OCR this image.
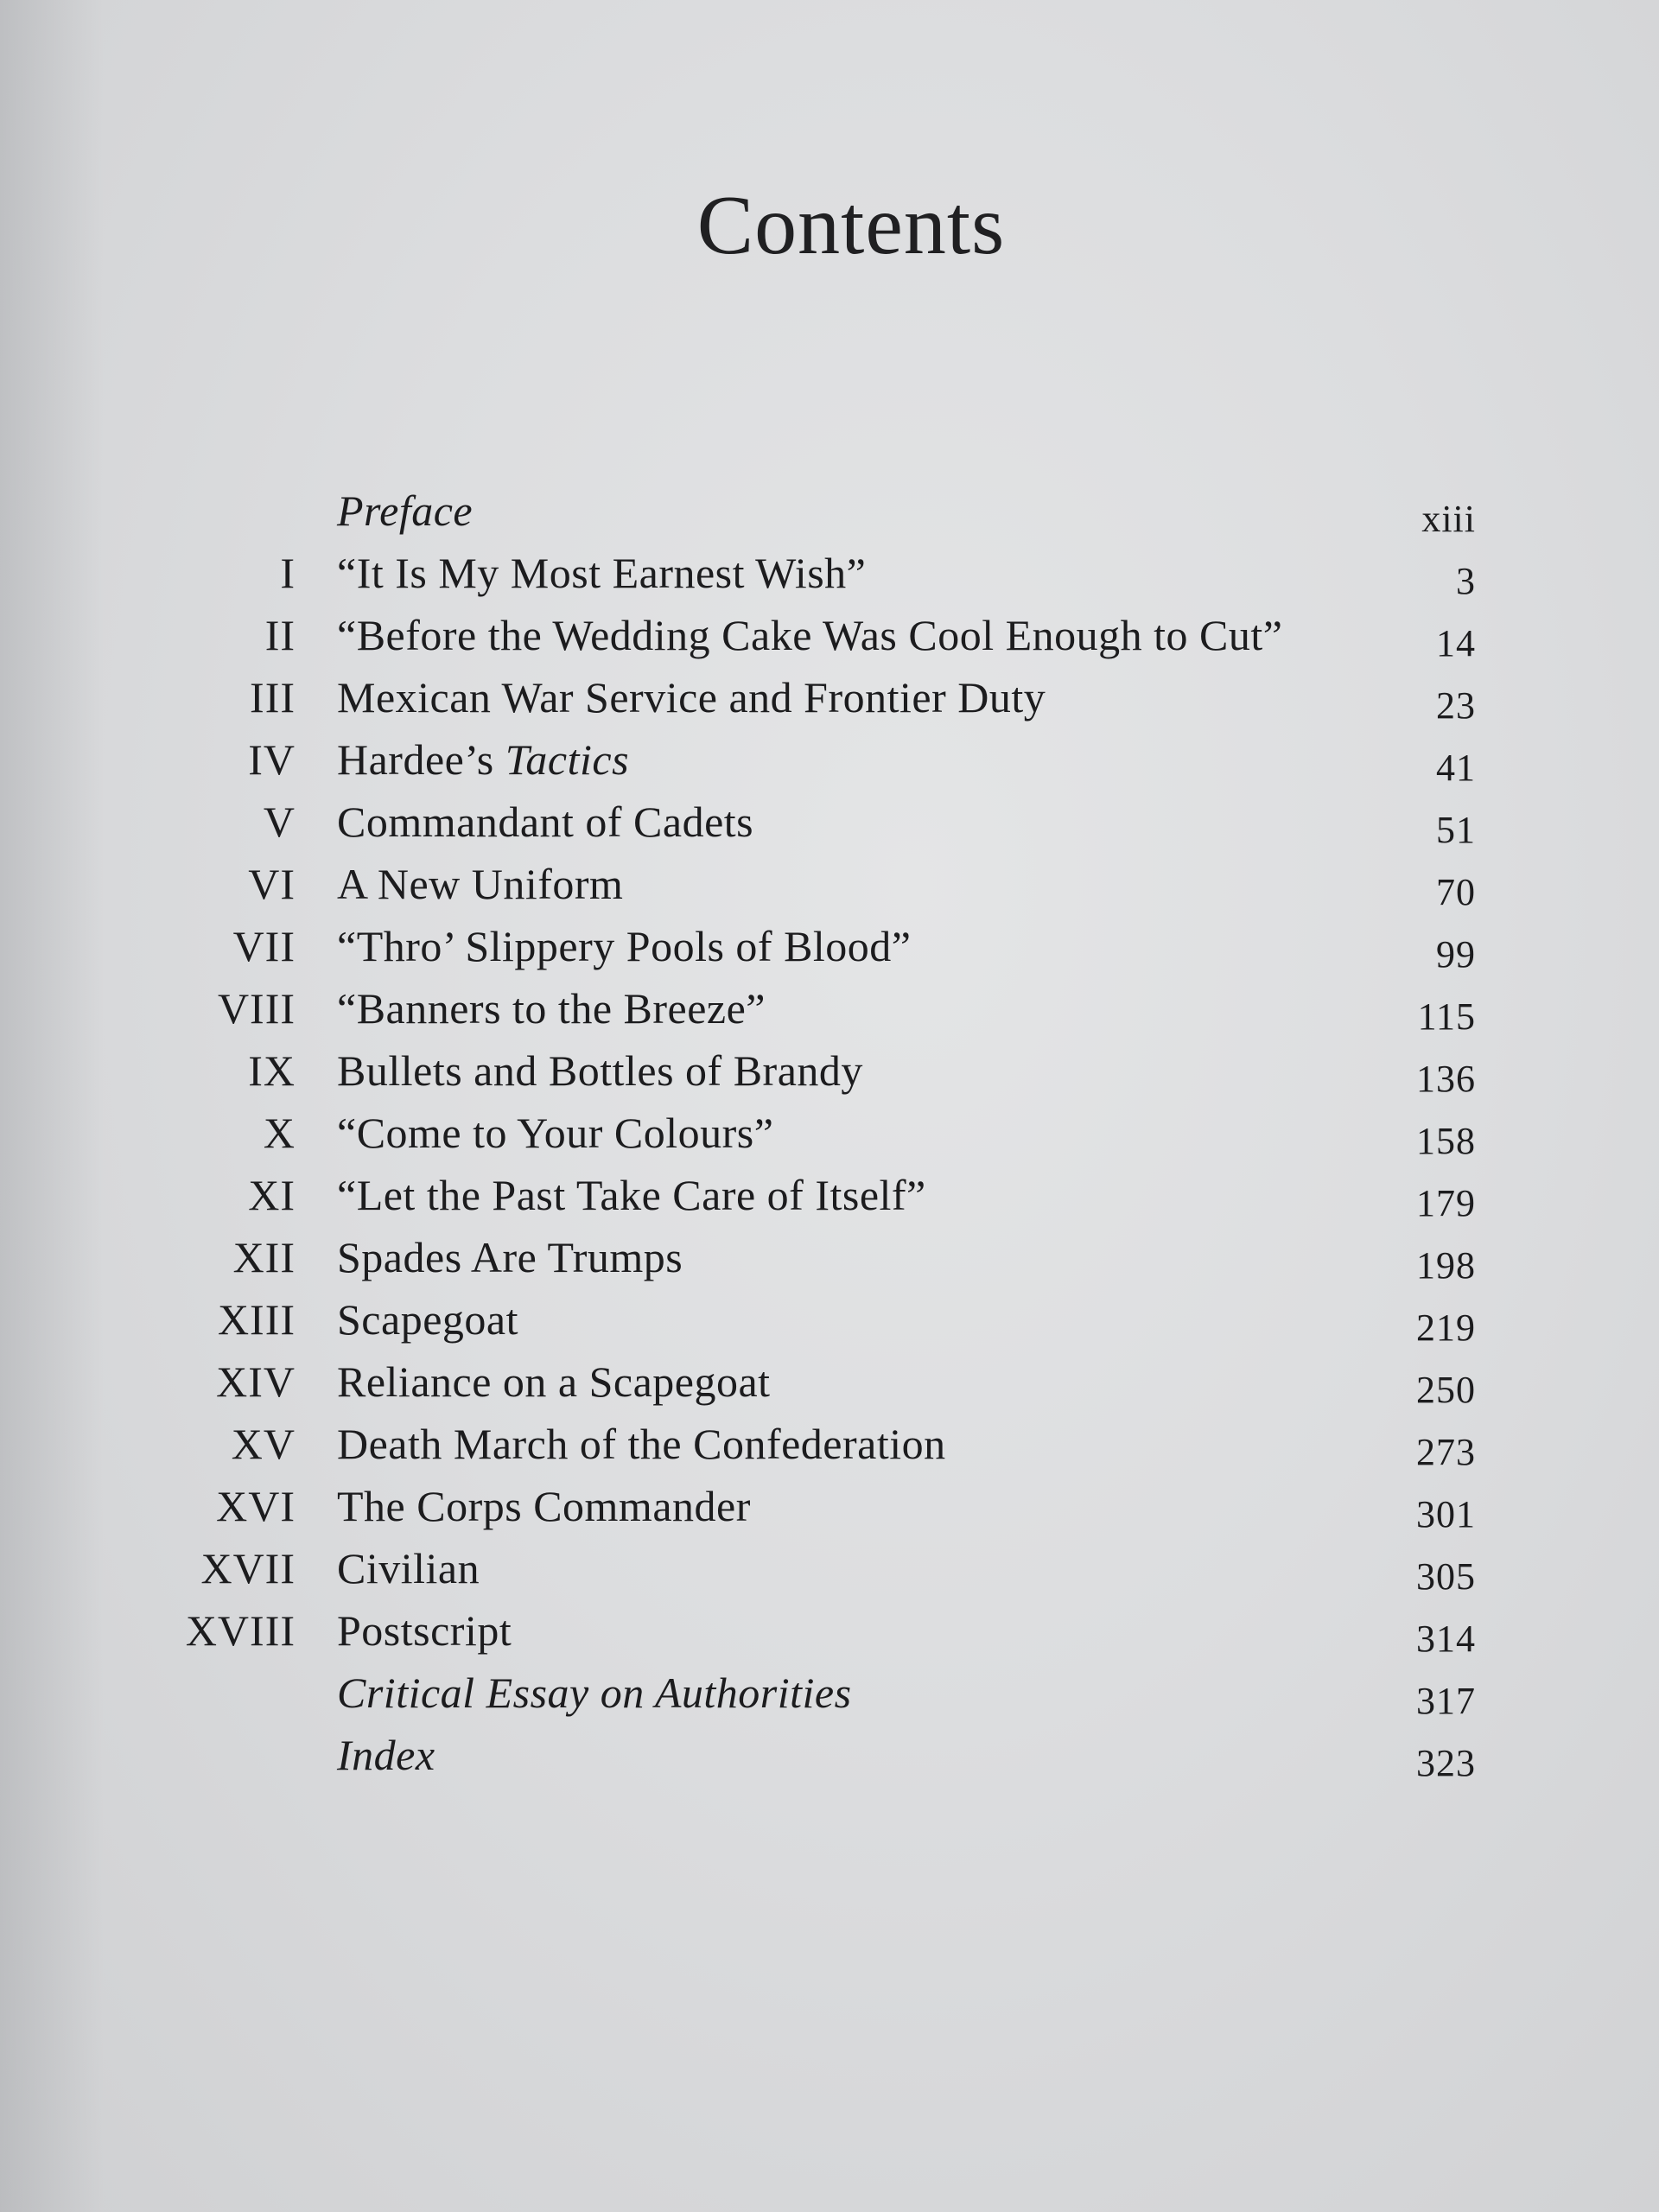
Contents
Preface	xiii
I “It Is My Most Earnest Wish”	3
II “Before the Wedding Cake Was Cool Enough to Cut”	14
III Mexican War Service and Frontier Duty	23
IV Hardee’s Tactics	41
V Commandant of Cadets	51
VI A New Uniform	70
VII “Thro’ Slippery Pools of Blood”	99
VIII “Banners to the Breeze”	115
IX Bullets and Bottles of Brandy	136
X “Come to Your Colours”	158
XI “Let the Past Take Care of Itself”	179
XII Spades Are Trumps	198
XIII Scapegoat	219
XIV Reliance on a Scapegoat	250
XV Death March of the Confederation	273
XVI The Corps Commander	301
XVII Civilian	305
XVIII Postscript	314
Critical Essay on Authorities	317
Index	323
